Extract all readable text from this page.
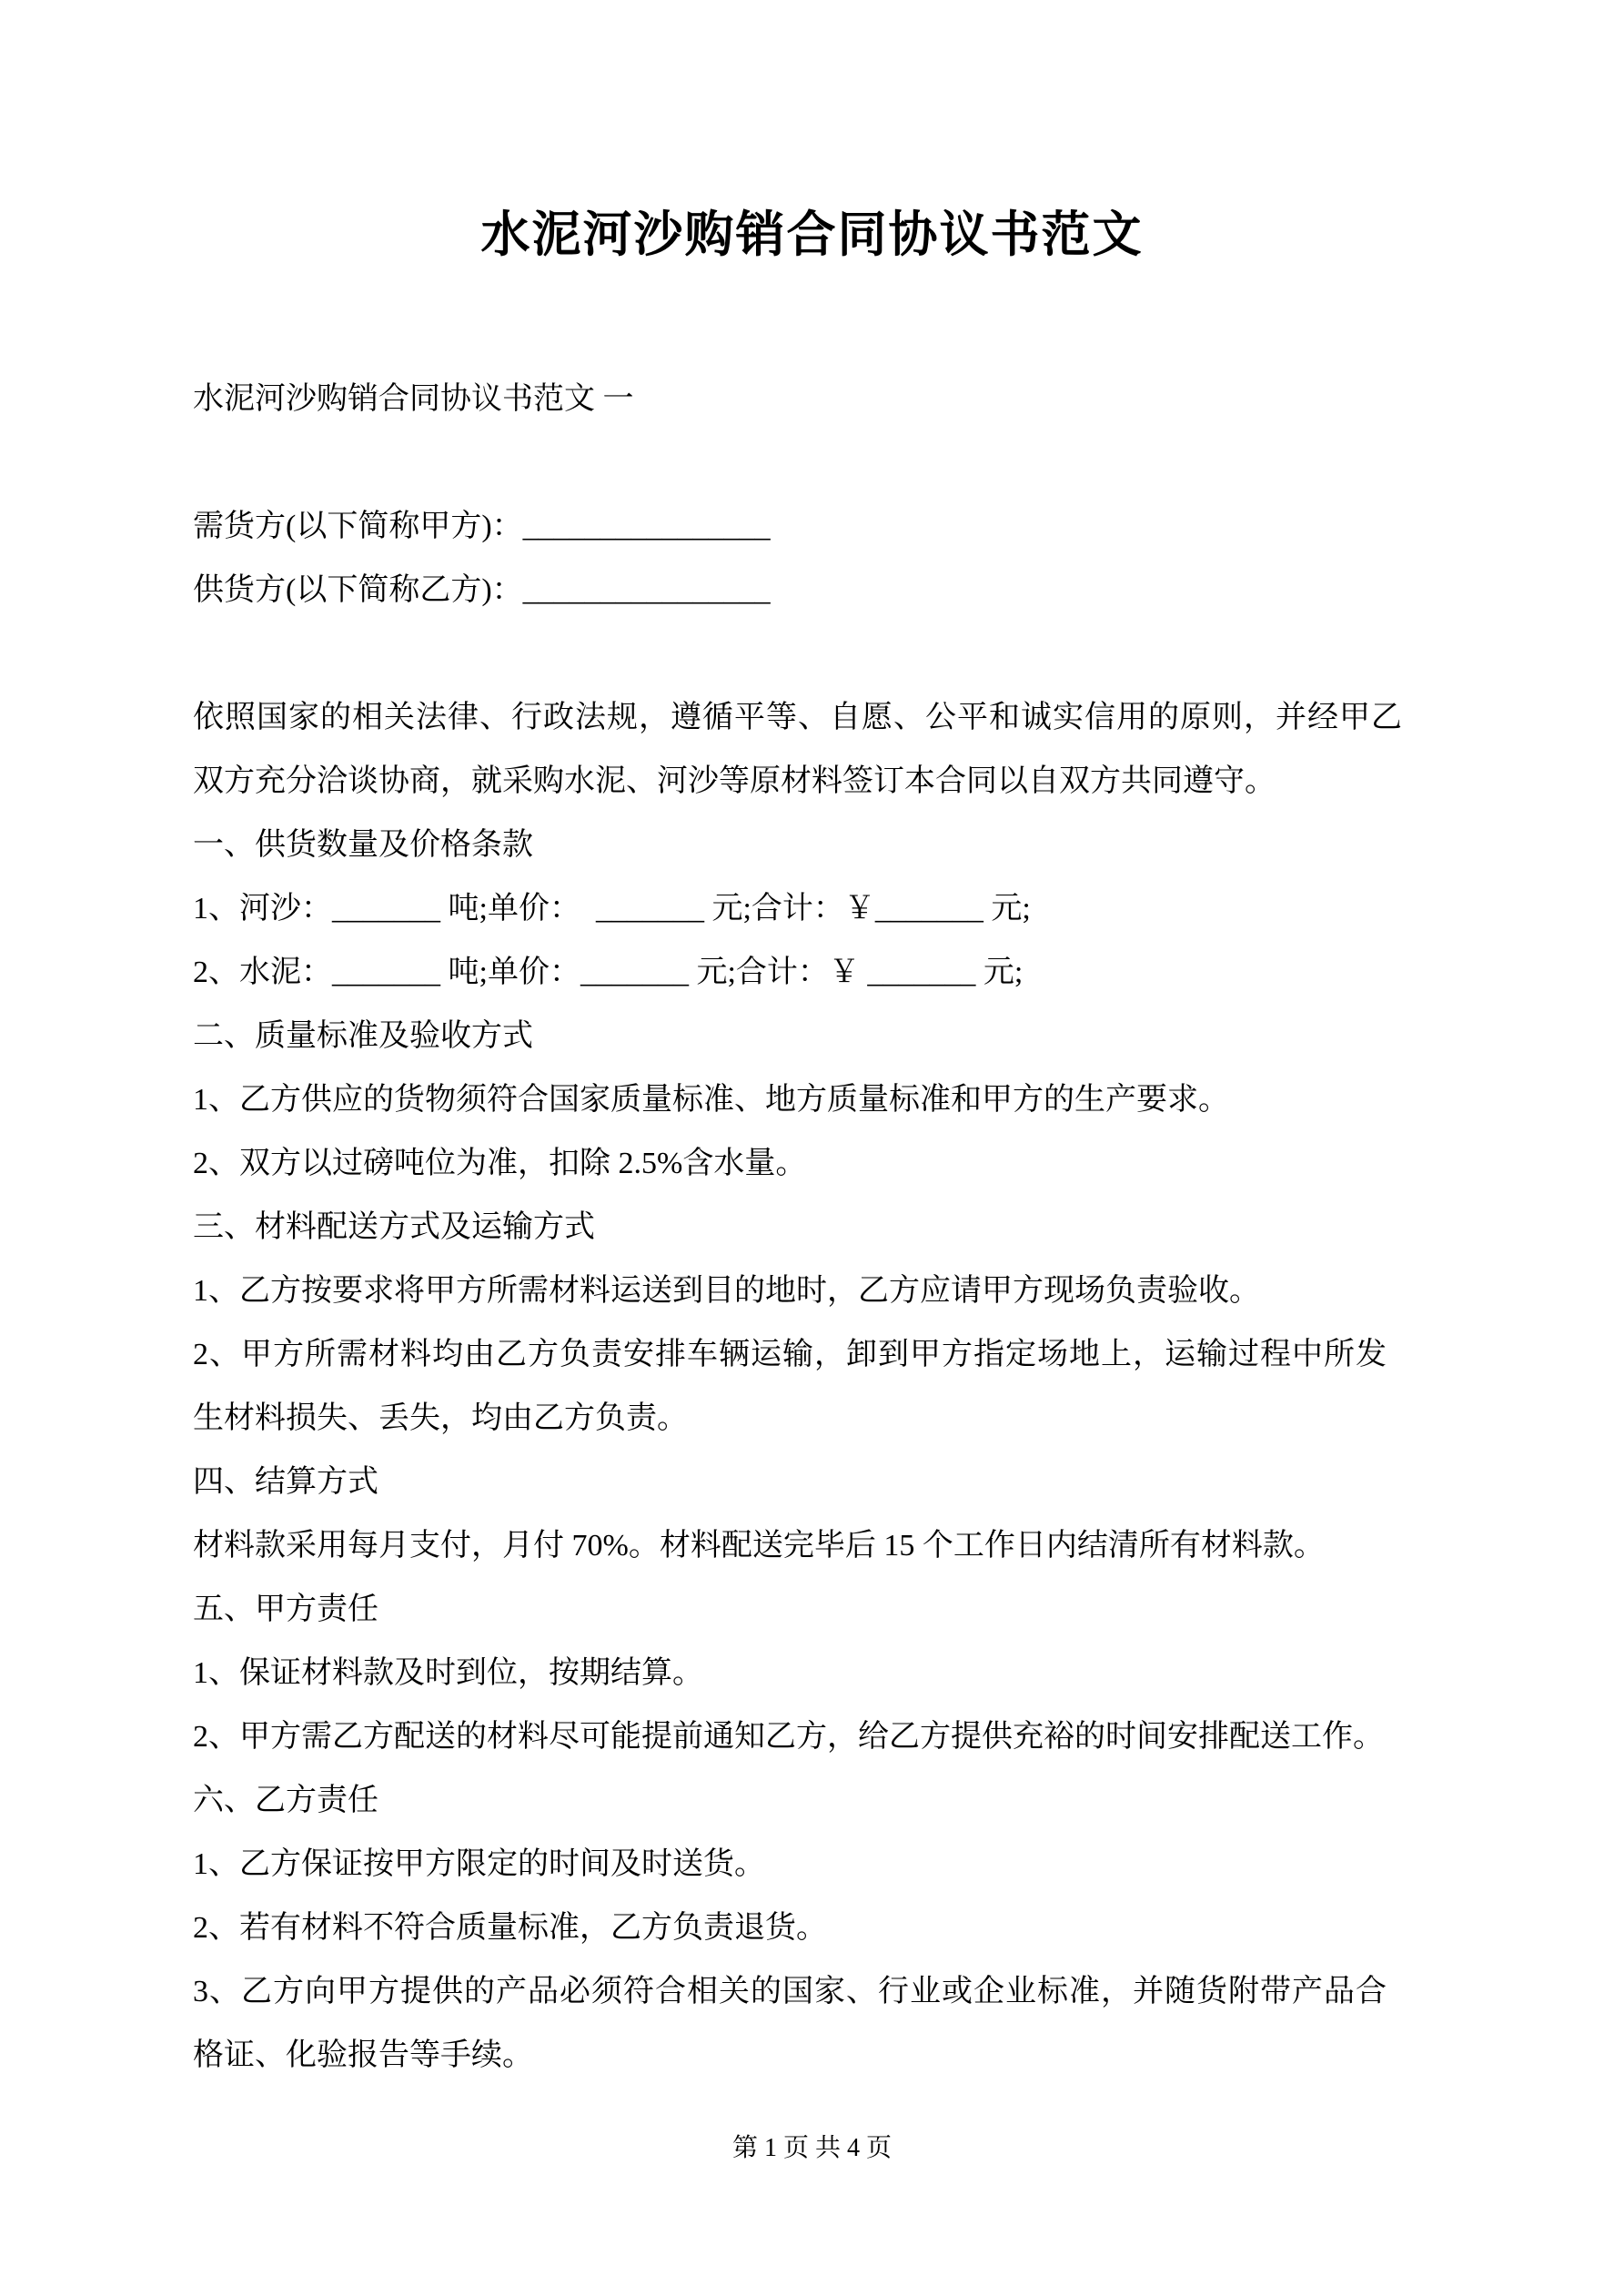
水泥河沙购销合同协议书范文
水泥河沙购销合同协议书范文 一
需货方(以下简称甲方)：________________
供货方(以下简称乙方)：________________
依照国家的相关法律、行政法规，遵循平等、自愿、公平和诚实信用的原则，并经甲乙
双方充分洽谈协商，就采购水泥、河沙等原材料签订本合同以自双方共同遵守。
一、供货数量及价格条款
1、河沙：_______ 吨;单价：  _______ 元;合计：￥_______ 元;
2、水泥：_______ 吨;单价：_______ 元;合计：￥ _______ 元;
二、质量标准及验收方式
1、乙方供应的货物须符合国家质量标准、地方质量标准和甲方的生产要求。
2、双方以过磅吨位为准，扣除 2.5%含水量。
三、材料配送方式及运输方式
1、乙方按要求将甲方所需材料运送到目的地时，乙方应请甲方现场负责验收。
2、甲方所需材料均由乙方负责安排车辆运输，卸到甲方指定场地上，运输过程中所发
生材料损失、丢失，均由乙方负责。
四、结算方式
材料款采用每月支付，月付 70%。材料配送完毕后 15 个工作日内结清所有材料款。
五、甲方责任
1、保证材料款及时到位，按期结算。
2、甲方需乙方配送的材料尽可能提前通知乙方，给乙方提供充裕的时间安排配送工作。
六、乙方责任
1、乙方保证按甲方限定的时间及时送货。
2、若有材料不符合质量标准，乙方负责退货。
3、乙方向甲方提供的产品必须符合相关的国家、行业或企业标准，并随货附带产品合
格证、化验报告等手续。
第 1 页 共 4 页
